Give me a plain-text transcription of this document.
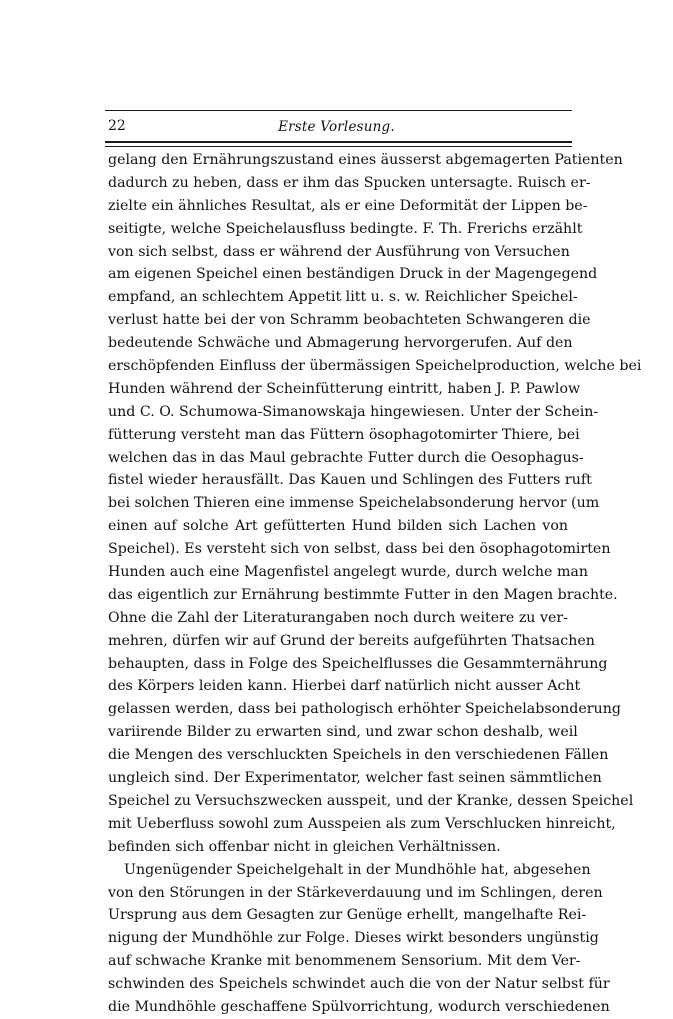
22	Erste Vorlesung.
gelang den Ernährungszustand eines äusserst abgemagerten Patienten
dadurch zu heben, dass er ihm das Spucken untersagte. Ruisch er-
zielte ein ähnliches Resultat, als er eine Deformität der Lippen be-
seitigte, welche Speichelausfluss bedingte. F. Th. Frerichs erzählt
von sich selbst, dass er während der Ausführung von Versuchen
am eigenen Speichel einen beständigen Druck in der Magengegend
empfand, an schlechtem Appetit litt u. s. w. Reichlicher Speichel-
verlust hatte bei der von Schramm beobachteten Schwangeren die
bedeutende Schwäche und Abmagerung hervorgerufen. Auf den
erschöpfenden Einfluss der übermässigen Speichelproduction, welche bei
Hunden während der Scheinfütterung eintritt, haben J. P. Pawlow
und C. O. Schumowa-Simanowskaja hingewiesen. Unter der Schein-
fütterung versteht man das Füttern ösophagotomirter Thiere, bei
welchen das in das Maul gebrachte Futter durch die Oesophagus-
fistel wieder herausfällt. Das Kauen und Schlingen des Futters ruft
bei solchen Thieren eine immense Speichelabsonderung hervor (um
einen auf solche Art gefütterten Hund bilden sich Lachen von
Speichel). Es versteht sich von selbst, dass bei den ösophagotomirten
Hunden auch eine Magenfistel angelegt wurde, durch welche man
das eigentlich zur Ernährung bestimmte Futter in den Magen brachte.
Ohne die Zahl der Literaturangaben noch durch weitere zu ver-
mehren, dürfen wir auf Grund der bereits aufgeführten Thatsachen
behaupten, dass in Folge des Speichelflusses die Gesammternährung
des Körpers leiden kann. Hierbei darf natürlich nicht ausser Acht
gelassen werden, dass bei pathologisch erhöhter Speichelabsonderung
variirende Bilder zu erwarten sind, und zwar schon deshalb, weil
die Mengen des verschluckten Speichels in den verschiedenen Fällen
ungleich sind. Der Experimentator, welcher fast seinen sämmtlichen
Speichel zu Versuchszwecken ausspeit, und der Kranke, dessen Speichel
mit Ueberfluss sowohl zum Ausspeien als zum Verschlucken hinreicht,
befinden sich offenbar nicht in gleichen Verhältnissen.
Ungenügender Speichelgehalt in der Mundhöhle hat, abgesehen
von den Störungen in der Stärkeverdauung und im Schlingen, deren
Ursprung aus dem Gesagten zur Genüge erhellt, mangelhafte Rei-
nigung der Mundhöhle zur Folge. Dieses wirkt besonders ungünstig
auf schwache Kranke mit benommenem Sensorium. Mit dem Ver-
schwinden des Speichels schwindet auch die von der Natur selbst für
die Mundhöhle geschaffene Spülvorrichtung, wodurch verschiedenen
